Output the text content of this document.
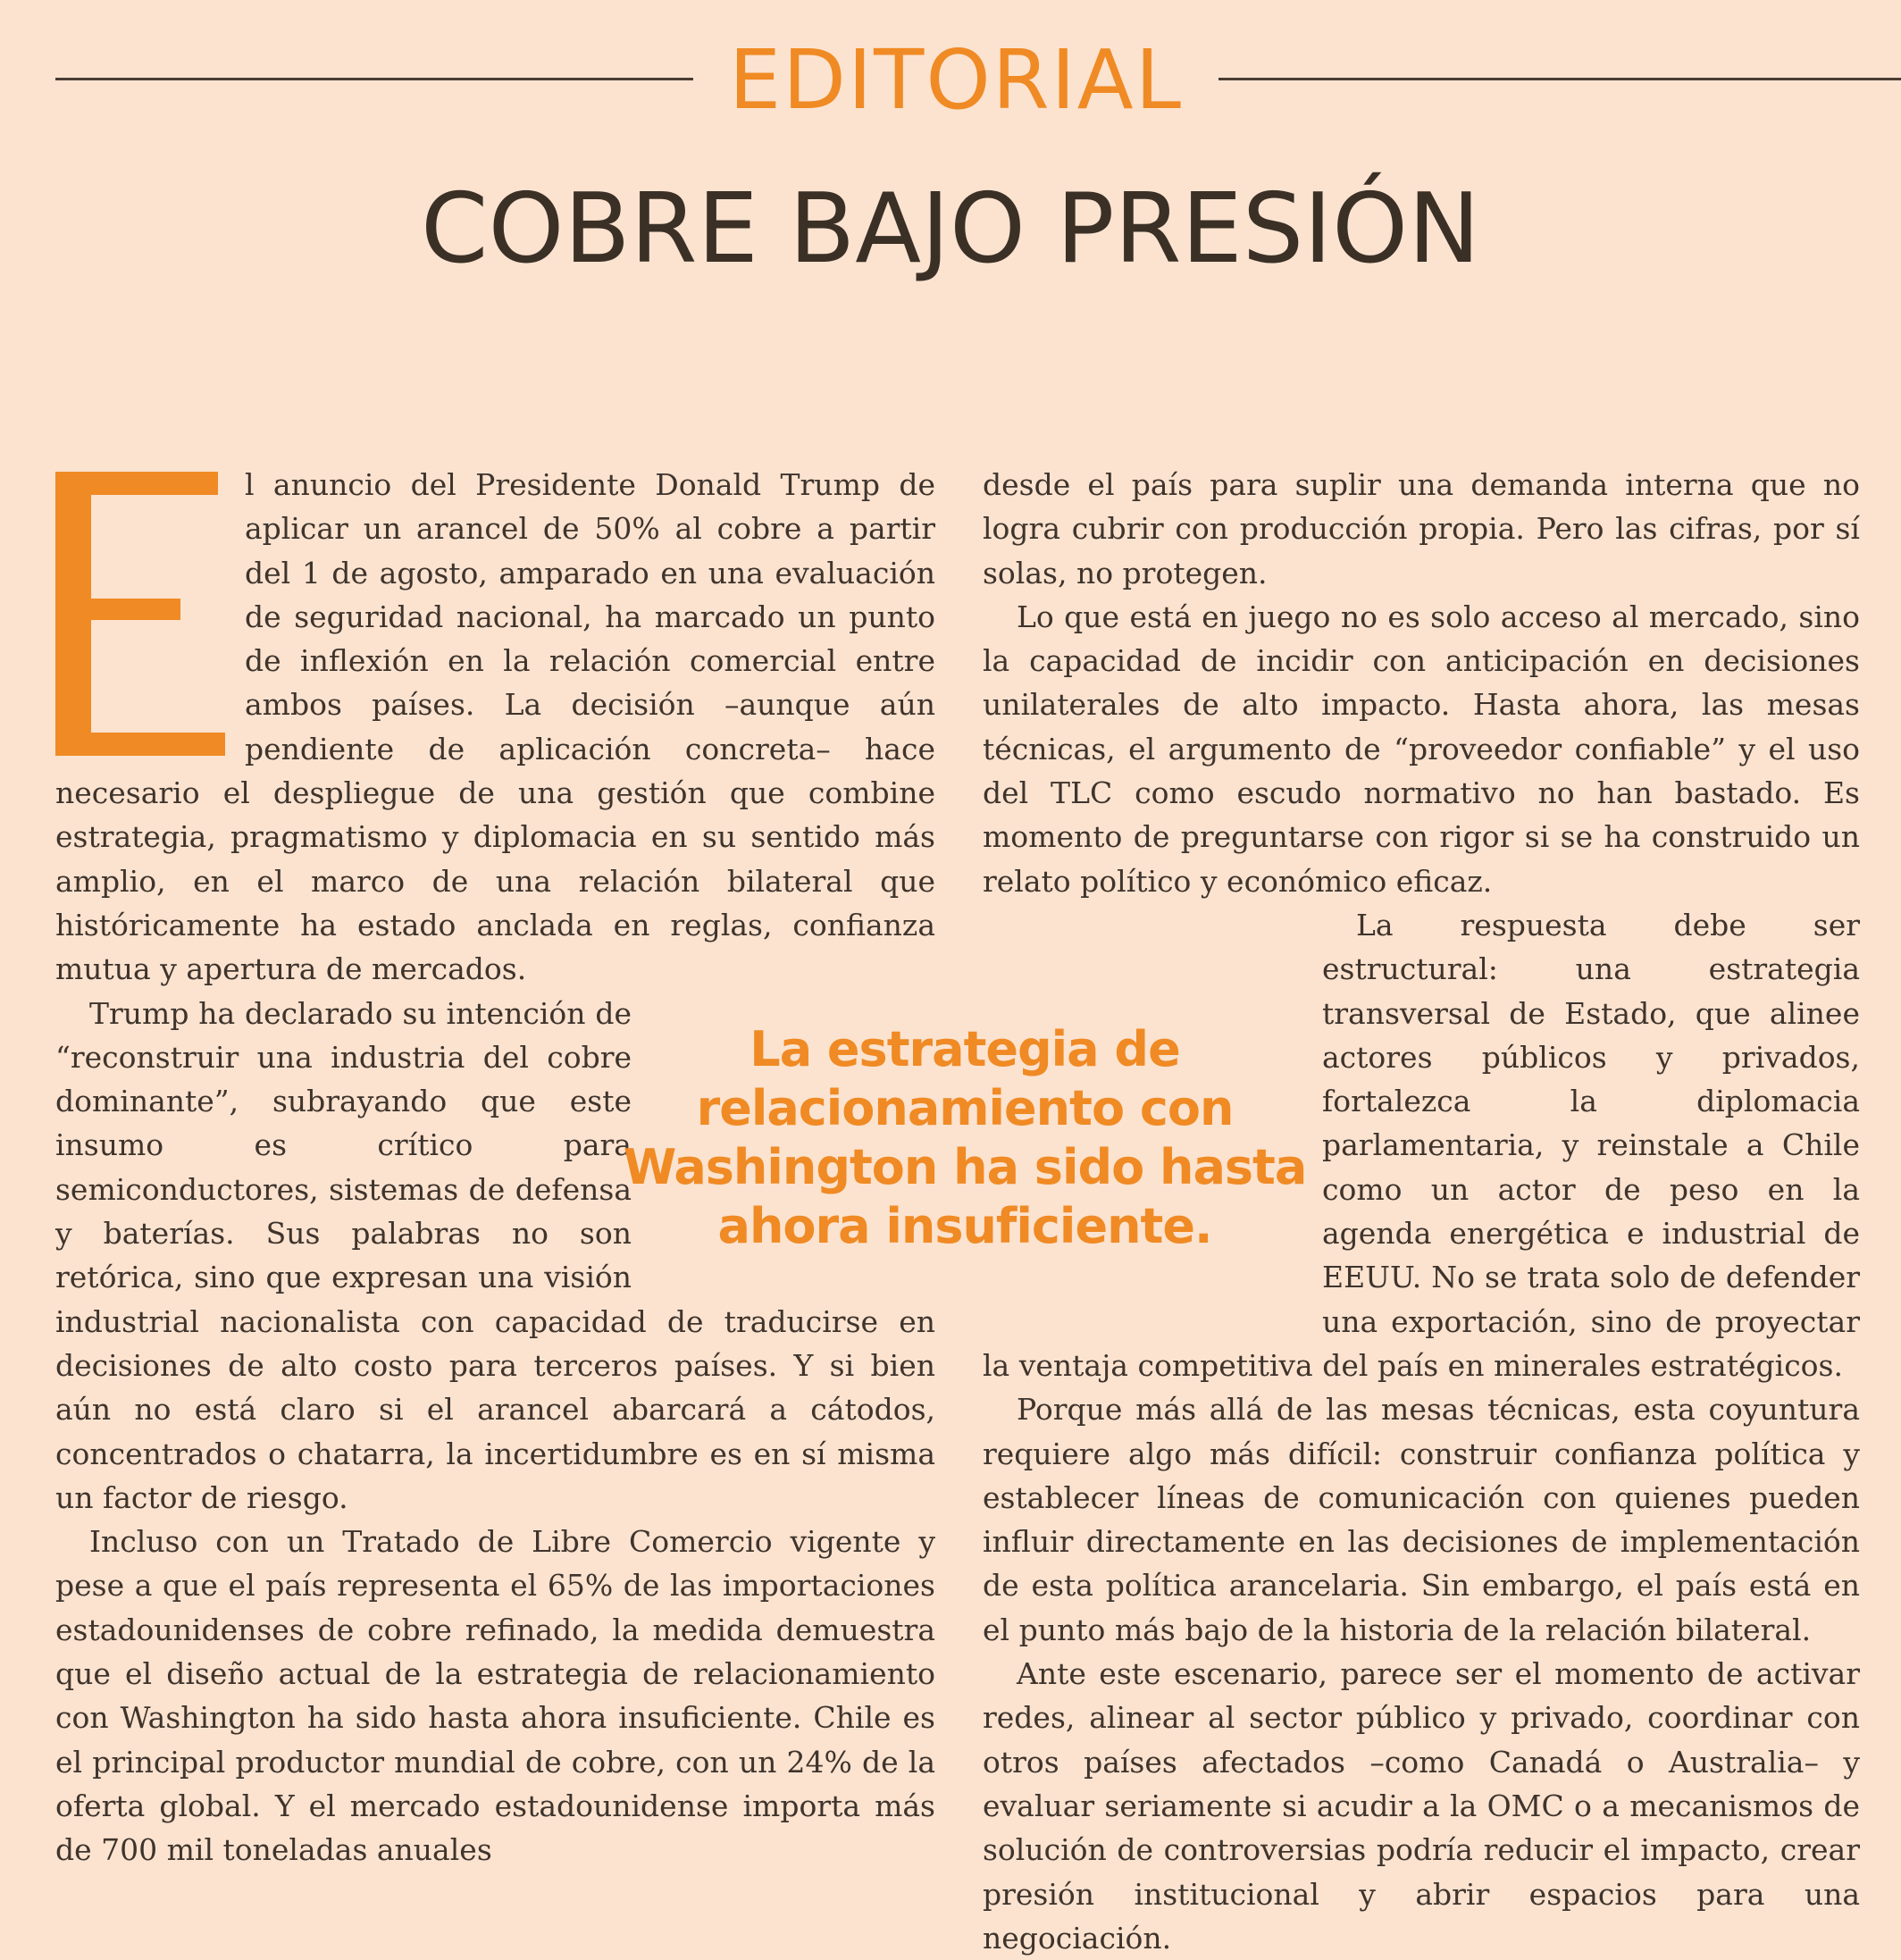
EDITORIAL
COBRE BAJO PRESIÓN

l anuncio del Presidente Donald Trump de aplicar un arancel de 50% al cobre a partir del 1 de agosto, amparado en una evaluación de seguridad nacional, ha marcado un punto de inflexión en la relación comercial entre ambos países. La decisión –aunque aún pendiente de aplicación concreta– hace necesario el despliegue de una gestión que combine estrategia, pragmatismo y diplomacia en su sentido más amplio, en el marco de una relación bilateral que históricamente ha estado anclada en reglas, confianza mutua y apertura de mercados.

Trump ha declarado su intención de “reconstruir una industria del cobre dominante”, subrayando que este insumo es crítico para semiconductores, sistemas de defensa y baterías. Sus palabras no son retórica, sino que expresan una visión industrial nacionalista con capacidad de traducirse en decisiones de alto costo para terceros países. Y si bien aún no está claro si el arancel abarcará a cátodos, concentrados o chatarra, la incertidumbre es en sí misma un factor de riesgo.

Incluso con un Tratado de Libre Comercio vigente y pese a que el país representa el 65% de las importaciones estadounidenses de cobre refinado, la medida demuestra que el diseño actual de la estrategia de relacionamiento con Washington ha sido hasta ahora insuficiente. Chile es el principal productor mundial de cobre, con un 24% de la oferta global. Y el mercado estadounidense importa más de 700 mil toneladas anuales

desde el país para suplir una demanda interna que no logra cubrir con producción propia. Pero las cifras, por sí solas, no protegen.

Lo que está en juego no es solo acceso al mercado, sino la capacidad de incidir con anticipación en decisiones unilaterales de alto impacto. Hasta ahora, las mesas técnicas, el argumento de “proveedor confiable” y el uso del TLC como escudo normativo no han bastado. Es momento de preguntarse con rigor si se ha construido un relato político y económico eficaz.

La respuesta debe ser estructural: una estrategia transversal de Estado, que alinee actores públicos y privados, fortalezca la diplomacia parlamentaria, y reinstale a Chile como un actor de peso en la agenda energética e industrial de EEUU. No se trata solo de defender una exportación, sino de proyectar la ventaja competitiva del país en minerales estratégicos.

Porque más allá de las mesas técnicas, esta coyuntura requiere algo más difícil: construir confianza política y establecer líneas de comunicación con quienes pueden influir directamente en las decisiones de implementación de esta política arancelaria. Sin embargo, el país está en el punto más bajo de la historia de la relación bilateral.

Ante este escenario, parece ser el momento de activar redes, alinear al sector público y privado, coordinar con otros países afectados –como Canadá o Australia– y evaluar seriamente si acudir a la OMC o a mecanismos de solución de controversias podría reducir el impacto, crear presión institucional y abrir espacios para una negociación.

La estrategia de relacionamiento con Washington ha sido hasta ahora insuficiente.
